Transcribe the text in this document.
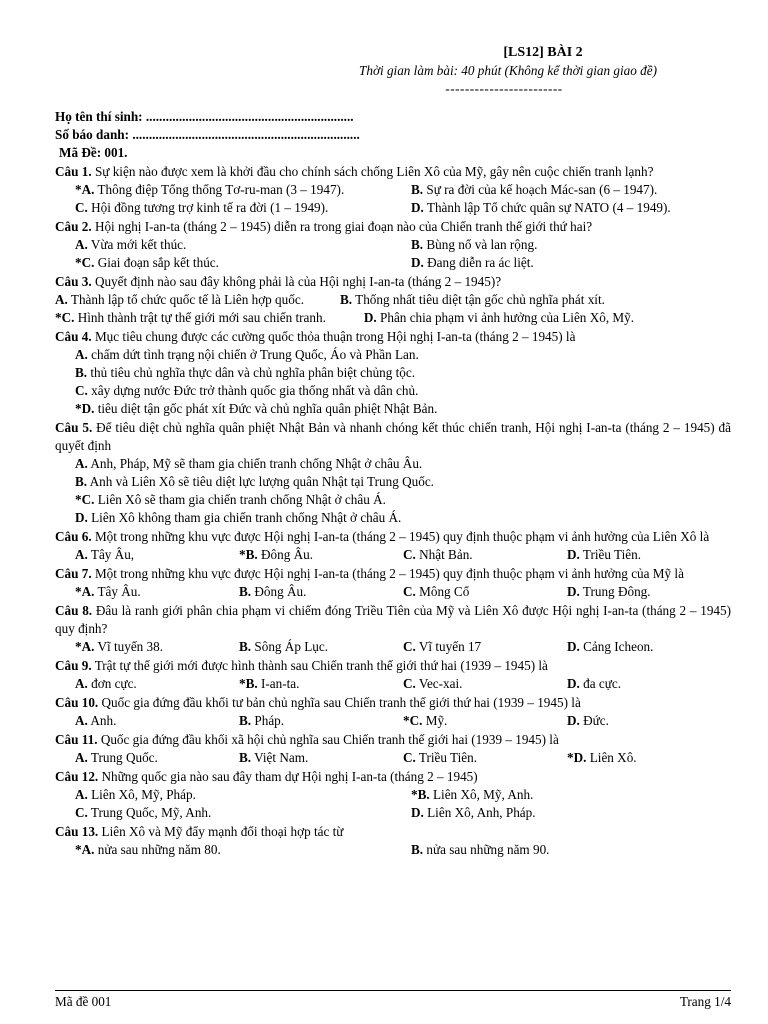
[LS12] BÀI 2
Thời gian làm bài: 40 phút (Không kể thời gian giao đề)
------------------------
Họ tên thí sinh: ...............................................................
Số báo danh: .....................................................................
Mã Đề: 001.
Câu 1. Sự kiện nào được xem là khởi đầu cho chính sách chống Liên Xô của Mỹ, gây nên cuộc chiến tranh lạnh?
*A. Thông điệp Tổng thống Tơ-ru-man (3 – 1947).	B. Sự ra đời của kế hoạch Mác-san (6 – 1947).
C. Hội đồng tương trợ kinh tế ra đời (1 – 1949).	D. Thành lập Tổ chức quân sự NATO (4 – 1949).
Câu 2. Hội nghị I-an-ta (tháng 2 – 1945) diễn ra trong giai đoạn nào của Chiến tranh thế giới thứ hai?
A. Vừa mới kết thúc.	B. Bùng nổ và lan rộng.
*C. Giai đoạn sắp kết thúc.	D. Đang diễn ra ác liệt.
Câu 3. Quyết định nào sau đây không phải là của Hội nghị I-an-ta (tháng 2 – 1945)?
A. Thành lập tổ chức quốc tế là Liên hợp quốc.	B. Thống nhất tiêu diệt tận gốc chủ nghĩa phát xít.
*C. Hình thành trật tự thế giới mới sau chiến tranh.	D. Phân chia phạm vi ảnh hưởng của Liên Xô, Mỹ.
Câu 4. Mục tiêu chung được các cường quốc thỏa thuận trong Hội nghị I-an-ta (tháng 2 – 1945) là
A. chấm dứt tình trạng nội chiến ở Trung Quốc, Áo và Phần Lan.
B. thủ tiêu chủ nghĩa thực dân và chủ nghĩa phân biệt chủng tộc.
C. xây dựng nước Đức trở thành quốc gia thống nhất và dân chủ.
*D. tiêu diệt tận gốc phát xít Đức và chủ nghĩa quân phiệt Nhật Bản.
Câu 5. Để tiêu diệt chủ nghĩa quân phiệt Nhật Bản và nhanh chóng kết thúc chiến tranh, Hội nghị I-an-ta (tháng 2 – 1945) đã quyết định
A. Anh, Pháp, Mỹ sẽ tham gia chiến tranh chống Nhật ở châu Âu.
B. Anh và Liên Xô sẽ tiêu diệt lực lượng quân Nhật tại Trung Quốc.
*C. Liên Xô sẽ tham gia chiến tranh chống Nhật ở châu Á.
D. Liên Xô không tham gia chiến tranh chống Nhật ở châu Á.
Câu 6. Một trong những khu vực được Hội nghị I-an-ta (tháng 2 – 1945) quy định thuộc phạm vi ảnh hưởng của Liên Xô là
A. Tây Âu,	*B. Đông Âu.	C. Nhật Bản.	D. Triều Tiên.
Câu 7. Một trong những khu vực được Hội nghị I-an-ta (tháng 2 – 1945) quy định thuộc phạm vi ảnh hưởng của Mỹ là
*A. Tây Âu.	B. Đông Âu.	C. Mông Cổ	D. Trung Đông.
Câu 8. Đâu là ranh giới phân chia phạm vi chiếm đóng Triều Tiên của Mỹ và Liên Xô được Hội nghị I-an-ta (tháng 2 – 1945) quy định?
*A. Vĩ tuyến 38.	B. Sông Áp Lục.	C. Vĩ tuyến 17	D. Cảng Icheon.
Câu 9. Trật tự thế giới mới được hình thành sau Chiến tranh thế giới thứ hai (1939 – 1945) là
A. đơn cực.	*B. I-an-ta.	C. Vec-xai.	D. đa cực.
Câu 10. Quốc gia đứng đầu khối tư bản chủ nghĩa sau Chiến tranh thế giới thứ hai (1939 – 1945) là
A. Anh.	B. Pháp.	*C. Mỹ.	D. Đức.
Câu 11. Quốc gia đứng đầu khối xã hội chủ nghĩa sau Chiến tranh thế giới hai (1939 – 1945) là
A. Trung Quốc.	B. Việt Nam.	C. Triều Tiên.	*D. Liên Xô.
Câu 12. Những quốc gia nào sau đây tham dự Hội nghị I-an-ta (tháng 2 – 1945)
A. Liên Xô, Mỹ, Pháp.	*B. Liên Xô, Mỹ, Anh.
C. Trung Quốc, Mỹ, Anh.	D. Liên Xô, Anh, Pháp.
Câu 13. Liên Xô và Mỹ đẩy mạnh đối thoại hợp tác từ
*A. nửa sau những năm 80.	B. nửa sau những năm 90.
Mã đề 001	Trang 1/4
